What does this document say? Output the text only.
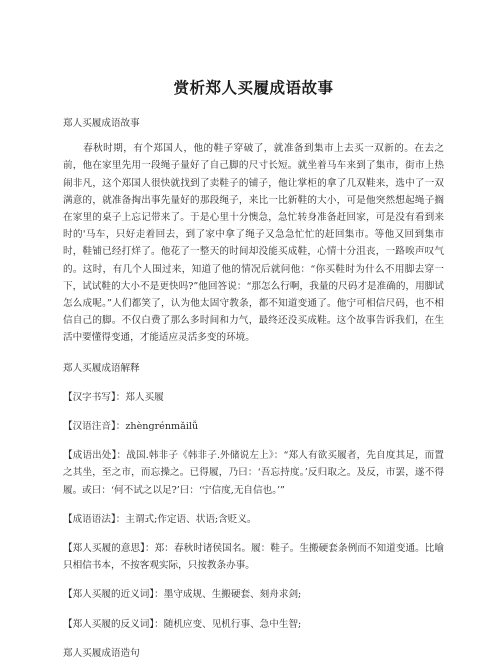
赏析郑人买履成语故事

郑人买履成语故事

　　春秋时期，有个郑国人，他的鞋子穿破了，就准备到集市上去买一双新的。在去之前，他在家里先用一段绳子量好了自己脚的尺寸长短。就坐着马车来到了集市，街市上热闹非凡，这个郑国人很快就找到了卖鞋子的铺子，他让掌柜的拿了几双鞋来，选中了一双满意的，就准备掏出事先量好的那段绳子，来比一比新鞋的大小，可是他突然想起绳子搁在家里的桌子上忘记带来了。于是心里十分懊急，急忙转身准备赶回家，可是没有看到来时的'马车，只好走着回去，到了家中拿了绳子又急急忙忙的赶回集市。等他又回到集市时，鞋铺已经打烊了。他花了一整天的时间却没能买成鞋，心情十分沮丧，一路唉声叹气的。这时，有几个人围过来，知道了他的情况后就问他：“你买鞋时为什么不用脚去穿一下，试试鞋的大小不是更快吗?”他回答说：“那怎么行啊，我量的尺码才是准确的，用脚试怎么成呢。”人们都笑了，认为他太固守教条，都不知道变通了。他宁可相信尺码，也不相信自己的脚。不仅白费了那么多时间和力气，最终还没买成鞋。这个故事告诉我们，在生活中要懂得变通，才能适应灵活多变的环境。

郑人买履成语解释

【汉字书写】：郑人买履

【汉语注音】：zhèngrénmǎilǚ

【成语出处】：战国.韩非子《韩非子.外储说左上》：“郑人有欲买履者，先自度其足，而置之其坐，至之市，而忘操之。已得履，乃曰：‘吾忘持度。’反归取之。及反，市罢，遂不得履。或曰：‘何不试之以足?’曰：‘宁信度,无自信也。’”

【成语语法】：主谓式;作定语、状语;含贬义。

【郑人买履的意思】：郑：春秋时诸侯国名。履：鞋子。生搬硬套条例而不知道变通。比喻只相信书本，不按客观实际，只按教条办事。

【郑人买履的近义词】：墨守成规、生搬硬套、刻舟求剑;

【郑人买履的反义词】：随机应变、见机行事、急中生智;

郑人买履成语造句
